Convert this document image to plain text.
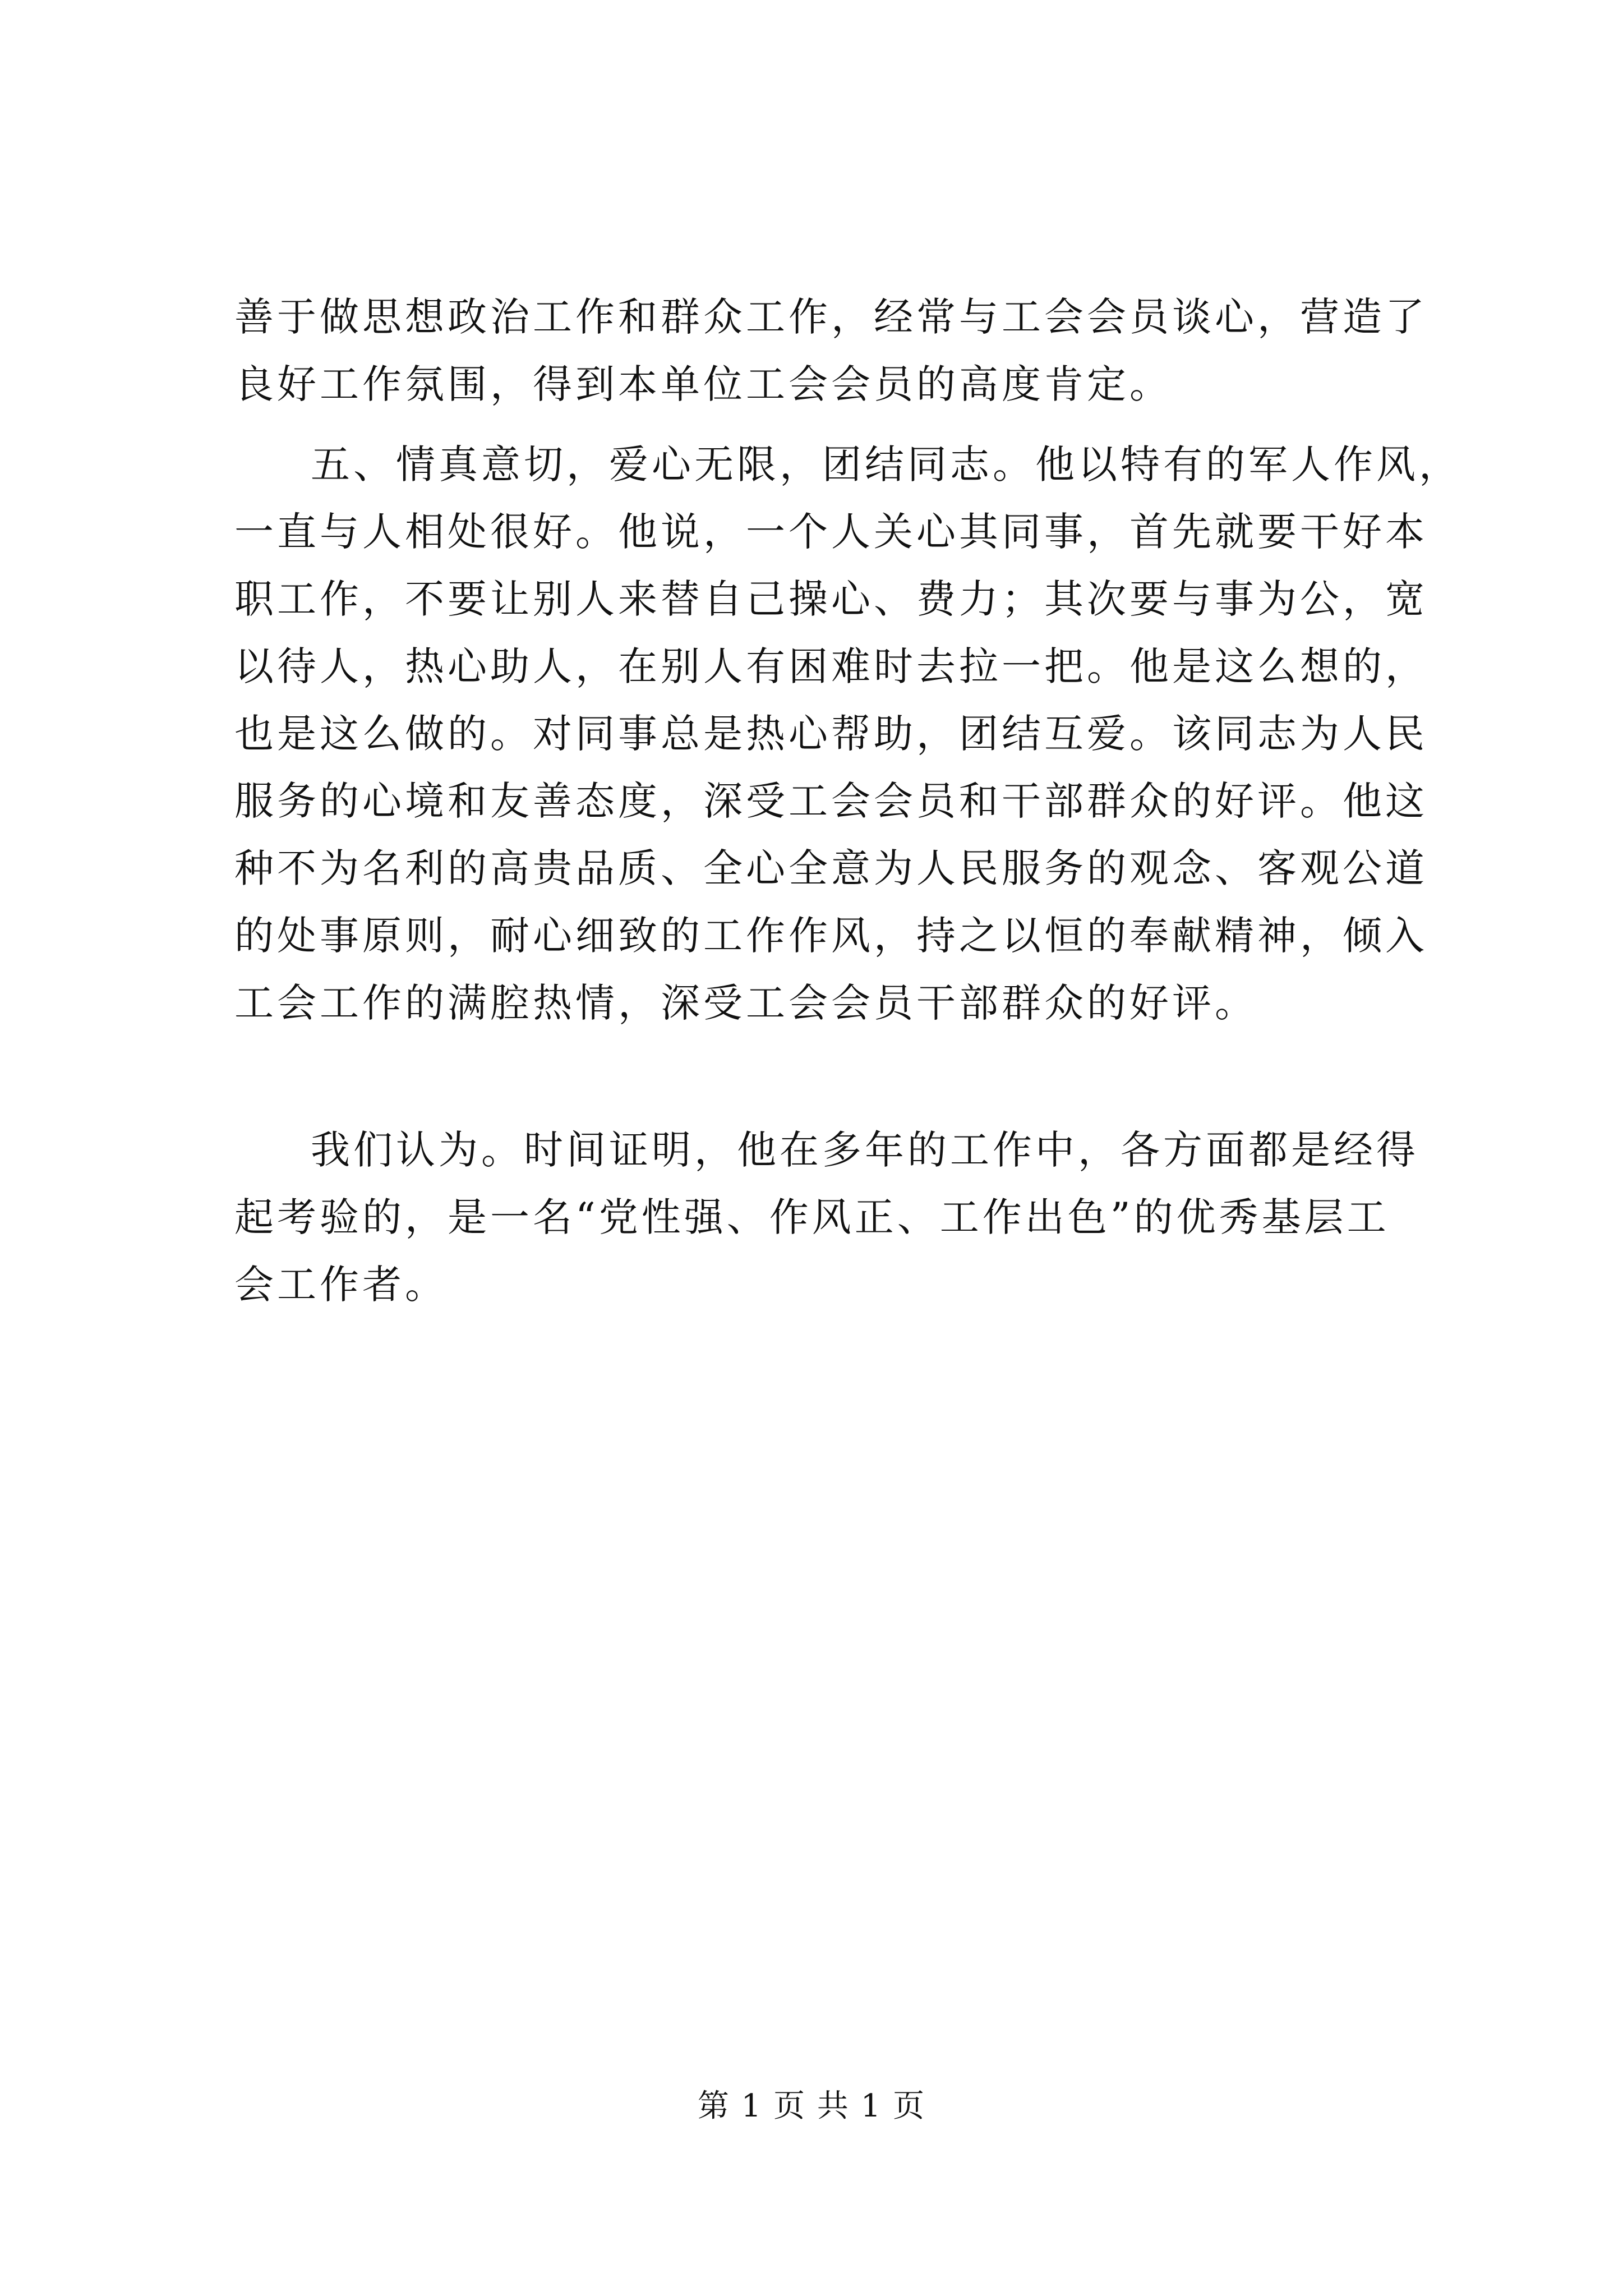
善于做思想政治工作和群众工作，经常与工会会员谈心，营造了
良好工作氛围，得到本单位工会会员的高度肯定。
五、情真意切，爱心无限，团结同志。他以特有的军人作风，
一直与人相处很好。他说，一个人关心其同事，首先就要干好本
职工作，不要让别人来替自己操心、费力；其次要与事为公，宽
以待人，热心助人，在别人有困难时去拉一把。他是这么想的，
也是这么做的。对同事总是热心帮助，团结互爱。该同志为人民
服务的心境和友善态度，深受工会会员和干部群众的好评。他这
种不为名利的高贵品质、全心全意为人民服务的观念、客观公道
的处事原则，耐心细致的工作作风，持之以恒的奉献精神，倾入
工会工作的满腔热情，深受工会会员干部群众的好评。
我们认为。时间证明，他在多年的工作中，各方面都是经得
起考验的，是一名“党性强、作风正、工作出色”的优秀基层工
会工作者。
第 1 页 共 1 页
